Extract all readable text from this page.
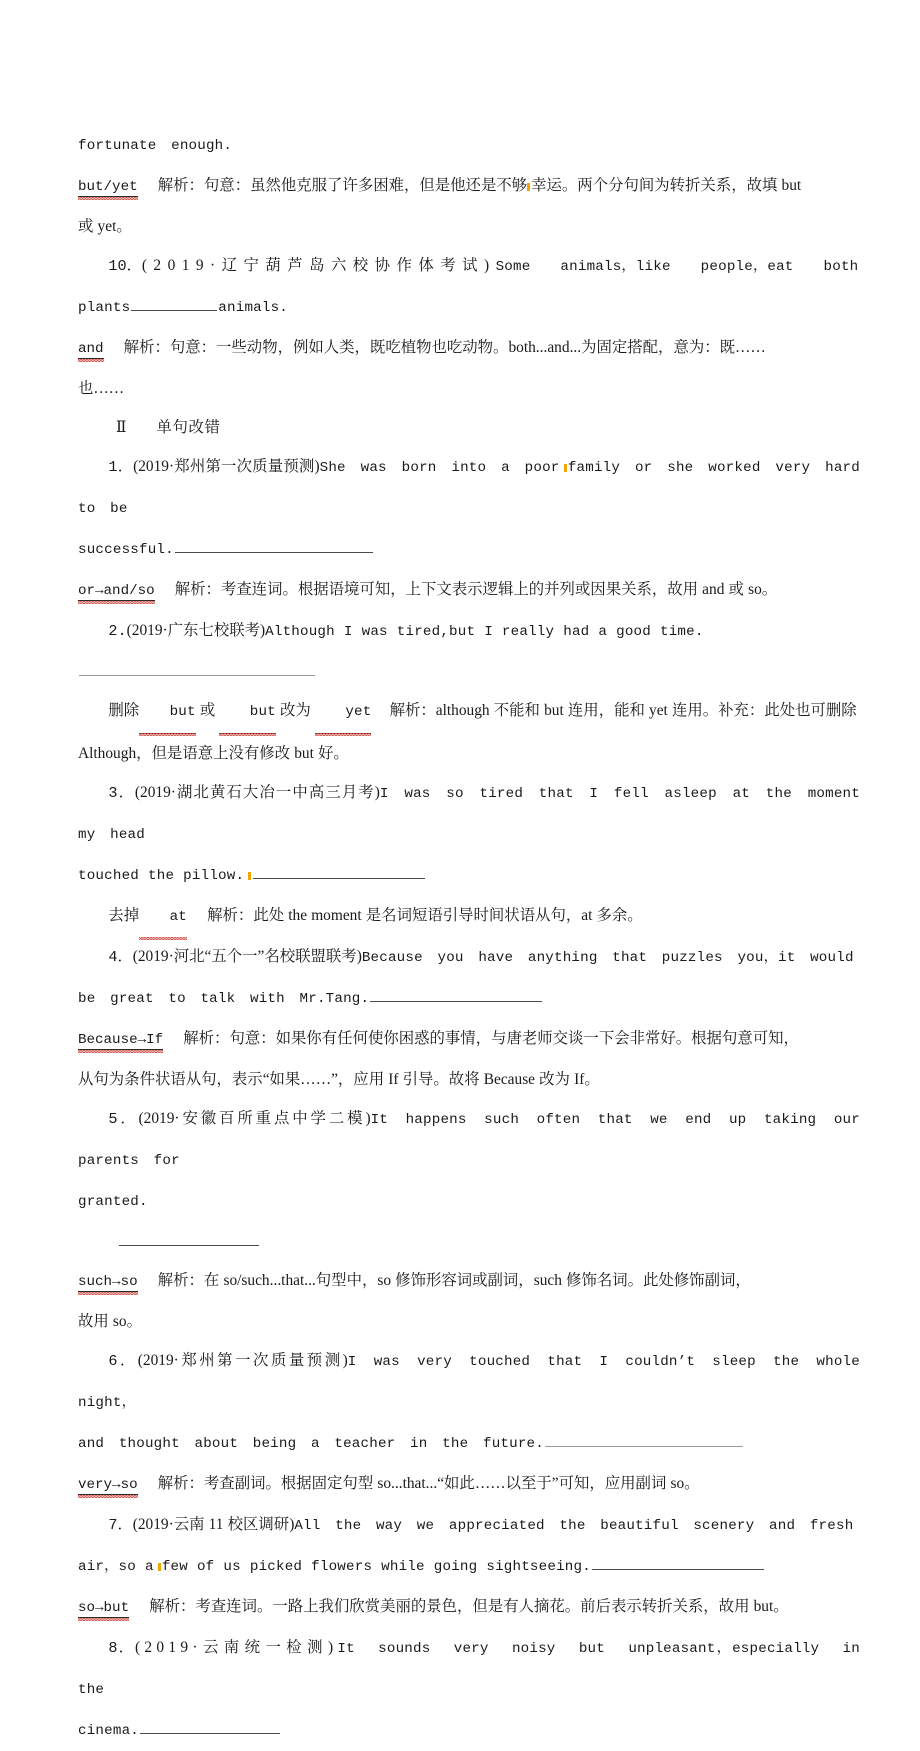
fortunate enough.

but/yet 解析：句意：虽然他克服了许多困难，但是他还是不够 幸运。两个分句间为转折关系，故填 but

或 yet。

10．(2019·辽宁葫芦岛六校协作体考试)Some animals，like people，eat both

plants	animals.

and 解析：句意：一些动物，例如人类，既吃植物也吃动物。both...and...为固定搭配，意为：既……

也……

Ⅱ 单句改错

1．(2019·郑州第一次质量预测)She was born into a poor family or she worked very hard to be

successful.

or→and/so 解析：考查连词。根据语境可知，上下文表示逻辑上的并列或因果关系，故用 and 或 so。

2.(2019·广东七校联考)Although I was tired,but I really had a good time.

删除 but 或 but 改为 yet 解析：although 不能和 but 连用，能和 yet 连用。补充：此处也可删除

Although，但是语意上没有修改 but 好。

3．(2019·湖北黄石大冶一中高三月考)I was so tired that I fell asleep at the moment my head

touched the pillow.

去掉 at 解析：此处 the moment 是名词短语引导时间状语从句，at 多余。

4．(2019·河北“五个一”名校联盟联考)Because you have anything that puzzles you，it would

be great to talk with Mr.Tang.

Because→If 解析：句意：如果你有任何使你困惑的事情，与唐老师交谈一下会非常好。根据句意可知，

从句为条件状语从句，表示“如果……”，应用 If 引导。故将 Because 改为 If。

5．(2019·安徽百所重点中学二模)It happens such often that we end up taking our parents for

granted.

such→so 解析：在 so/such...that...句型中，so 修饰形容词或副词，such 修饰名词。此处修饰副词，

故用 so。

6．(2019·郑州第一次质量预测)I was very touched that I couldn’t sleep the whole night，

and thought about being a teacher in the future.

very→so 解析：考查副词。根据固定句型 so...that...“如此……以至于”可知，应用副词 so。

7．(2019·云南 11 校区调研)All the way we appreciated the beautiful scenery and fresh

air，so a few of us picked flowers while going sightseeing.

so→but 解析：考查连词。一路上我们欣赏美丽的景色，但是有人摘花。前后表示转折关系，故用 but。

8．(2019·云南统一检测)It sounds very noisy but unpleasant，especially in the

cinema.
